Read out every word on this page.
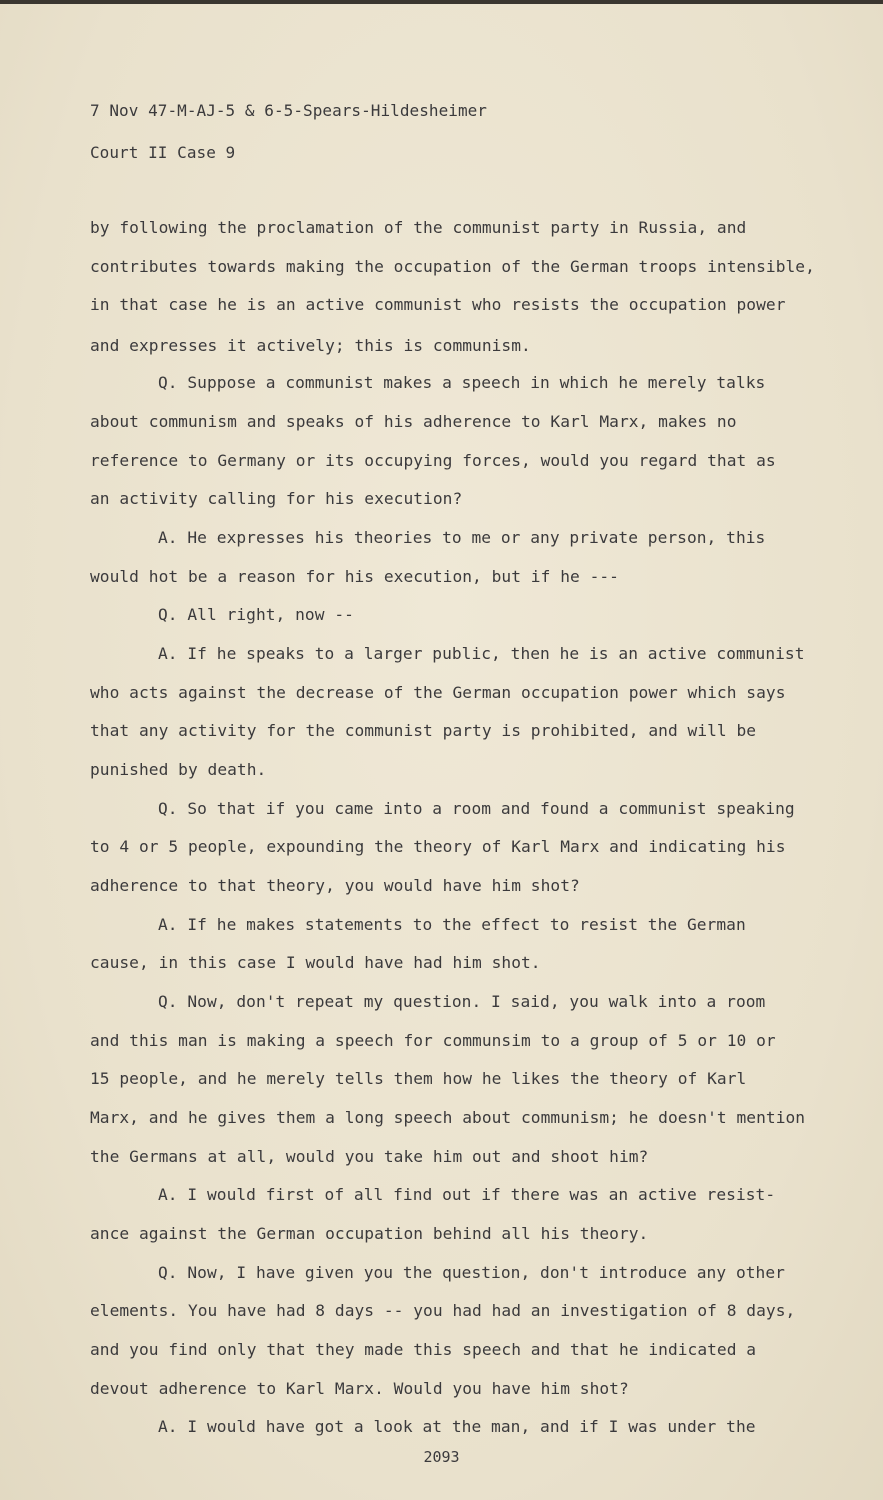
7 Nov 47-M-AJ-5 & 6-5-Spears-Hildesheimer
Court II Case 9
by following the proclamation of the communist party in Russia, and
contributes towards making the occupation of the German troops intensible,
in that case he is an active communist who resists the occupation power
and expresses it actively; this is communism.
Q. Suppose a communist makes a speech in which he merely talks
about communism and speaks of his adherence to Karl Marx, makes no
reference to Germany or its occupying forces, would you regard that as
an activity calling for his execution?
A. He expresses his theories to me or any private person, this
would hot be a reason for his execution, but if he ---
Q. All right, now --
A. If he speaks to a larger public, then he is an active communist
who acts against the decrease of the German occupation power which says
that any activity for the communist party is prohibited, and will be
punished by death.
Q. So that if you came into a room and found a communist speaking
to 4 or 5 people, expounding the theory of Karl Marx and indicating his
adherence to that theory, you would have him shot?
A. If he makes statements to the effect to resist the German
cause, in this case I would have had him shot.
Q. Now, don't repeat my question. I said, you walk into a room
and this man is making a speech for communsim to a group of 5 or 10 or
15 people, and he merely tells them how he likes the theory of Karl
Marx, and he gives them a long speech about communism; he doesn't mention
the Germans at all, would you take him out and shoot him?
A. I would first of all find out if there was an active resist-
ance against the German occupation behind all his theory.
Q. Now, I have given you the question, don't introduce any other
elements. You have had 8 days -- you had had an investigation of 8 days,
and you find only that they made this speech and that he indicated a
devout adherence to Karl Marx. Would you have him shot?
A. I would have got a look at the man, and if I was under the
2093
